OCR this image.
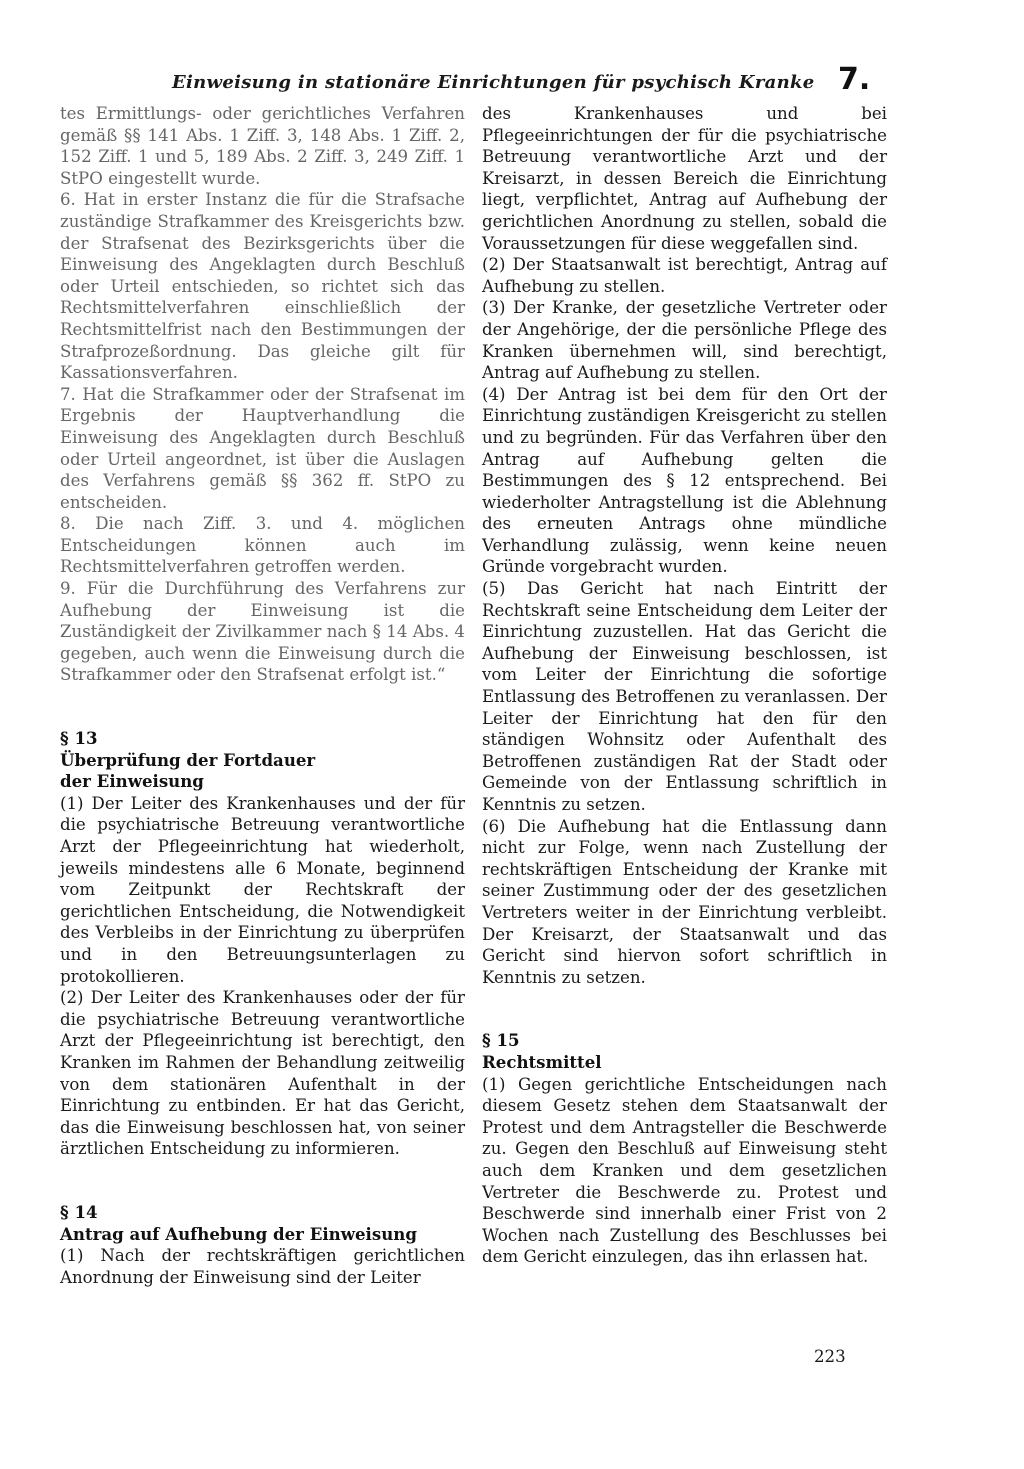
Einweisung in stationäre Einrichtungen für psychisch Kranke 7.

tes Ermittlungs- oder gerichtliches Verfahren gemäß §§ 141 Abs. 1 Ziff. 3, 148 Abs. 1 Ziff. 2, 152 Ziff. 1 und 5, 189 Abs. 2 Ziff. 3, 249 Ziff. 1 StPO eingestellt wurde.

6. Hat in erster Instanz die für die Strafsache zuständige Strafkammer des Kreisgerichts bzw. der Strafsenat des Bezirksgerichts über die Einweisung des Angeklagten durch Beschluß oder Urteil entschieden, so richtet sich das Rechtsmittelverfahren einschließlich der Rechtsmittelfrist nach den Bestimmungen der Strafprozeßordnung. Das gleiche gilt für Kassationsverfahren.

7. Hat die Strafkammer oder der Strafsenat im Ergebnis der Hauptverhandlung die Einweisung des Angeklagten durch Beschluß oder Urteil angeordnet, ist über die Auslagen des Verfahrens gemäß §§ 362 ff. StPO zu entscheiden.

8. Die nach Ziff. 3. und 4. möglichen Entscheidungen können auch im Rechtsmittelverfahren getroffen werden.

9. Für die Durchführung des Verfahrens zur Aufhebung der Einweisung ist die Zuständigkeit der Zivilkammer nach § 14 Abs. 4 gegeben, auch wenn die Einweisung durch die Strafkammer oder den Strafsenat erfolgt ist.“

§ 13

Überprüfung der Fortdauer

der Einweisung

(1) Der Leiter des Krankenhauses und der für die psychiatrische Betreuung verantwortliche Arzt der Pflegeeinrichtung hat wiederholt, jeweils mindestens alle 6 Monate, beginnend vom Zeitpunkt der Rechtskraft der gerichtlichen Entscheidung, die Notwendigkeit des Verbleibs in der Einrichtung zu überprüfen und in den Betreuungsunterlagen zu protokollieren.

(2) Der Leiter des Krankenhauses oder der für die psychiatrische Betreuung verantwortliche Arzt der Pflegeeinrichtung ist berechtigt, den Kranken im Rahmen der Behandlung zeitweilig von dem stationären Aufenthalt in der Einrichtung zu entbinden. Er hat das Gericht, das die Einweisung beschlossen hat, von seiner ärztlichen Entscheidung zu informieren.

§ 14

Antrag auf Aufhebung der Einweisung

(1) Nach der rechtskräftigen gerichtlichen Anordnung der Einweisung sind der Leiter

des Krankenhauses und bei Pflegeeinrichtungen der für die psychiatrische Betreuung verantwortliche Arzt und der Kreisarzt, in dessen Bereich die Einrichtung liegt, verpflichtet, Antrag auf Aufhebung der gerichtlichen Anordnung zu stellen, sobald die Voraussetzungen für diese weggefallen sind.

(2) Der Staatsanwalt ist berechtigt, Antrag auf Aufhebung zu stellen.

(3) Der Kranke, der gesetzliche Vertreter oder der Angehörige, der die persönliche Pflege des Kranken übernehmen will, sind berechtigt, Antrag auf Aufhebung zu stellen.

(4) Der Antrag ist bei dem für den Ort der Einrichtung zuständigen Kreisgericht zu stellen und zu begründen. Für das Verfahren über den Antrag auf Aufhebung gelten die Bestimmungen des § 12 entsprechend. Bei wiederholter Antragstellung ist die Ablehnung des erneuten Antrags ohne mündliche Verhandlung zulässig, wenn keine neuen Gründe vorgebracht wurden.

(5) Das Gericht hat nach Eintritt der Rechtskraft seine Entscheidung dem Leiter der Einrichtung zuzustellen. Hat das Gericht die Aufhebung der Einweisung beschlossen, ist vom Leiter der Einrichtung die sofortige Entlassung des Betroffenen zu veranlassen. Der Leiter der Einrichtung hat den für den ständigen Wohnsitz oder Aufenthalt des Betroffenen zuständigen Rat der Stadt oder Gemeinde von der Entlassung schriftlich in Kenntnis zu setzen.

(6) Die Aufhebung hat die Entlassung dann nicht zur Folge, wenn nach Zustellung der rechtskräftigen Entscheidung der Kranke mit seiner Zustimmung oder der des gesetzlichen Vertreters weiter in der Einrichtung verbleibt. Der Kreisarzt, der Staatsanwalt und das Gericht sind hiervon sofort schriftlich in Kenntnis zu setzen.

§ 15

Rechtsmittel

(1) Gegen gerichtliche Entscheidungen nach diesem Gesetz stehen dem Staatsanwalt der Protest und dem Antragsteller die Beschwerde zu. Gegen den Beschluß auf Einweisung steht auch dem Kranken und dem gesetzlichen Vertreter die Beschwerde zu. Protest und Beschwerde sind innerhalb einer Frist von 2 Wochen nach Zustellung des Beschlusses bei dem Gericht einzulegen, das ihn erlassen hat.

223
